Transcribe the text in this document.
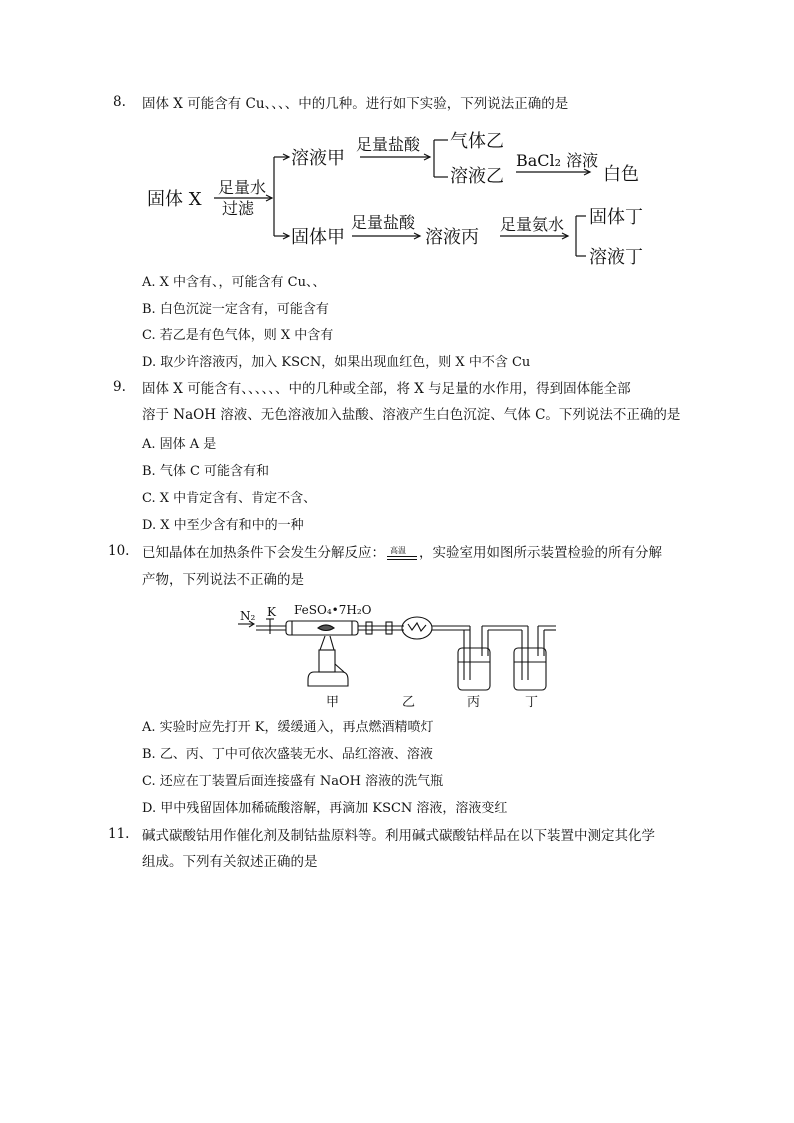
8. 固体 X 可能含有 Cu、、、、中的几种。进行如下实验，下列说法正确的是
固体 X
足量水
过滤
溶液甲
固体甲
足量盐酸 气体乙
溶液乙
BaCl₂ 溶液
白色
足量盐酸
溶液丙
足量氨水 固体丁
溶液丁
A. X 中含有、，可能含有 Cu、、
B. 白色沉淀一定含有，可能含有
C. 若乙是有色气体，则 X 中含有
D. 取少许溶液丙，加入 KSCN，如果出现血红色，则 X 中不含 Cu
9. 固体 X 可能含有、、、、、、中的几种或全部，将 X 与足量的水作用，得到固体能全部
溶于 NaOH 溶液、无色溶液加入盐酸、溶液产生白色沉淀、气体 C。下列说法不正确的是
A. 固体 A 是
B. 气体 C 可能含有和
C. X 中肯定含有、肯定不含、
D. X 中至少含有和中的一种
10. 已知晶体在加热条件下会发生分解反应： 高温 ，实验室用如图所示装置检验的所有分解
产物，下列说法不正确的是
N₂ K FeSO₄•7H₂O
甲	乙	丙	丁
A. 实验时应先打开 K，缓缓通入，再点燃酒精喷灯
B. 乙、丙、丁中可依次盛装无水、品红溶液、溶液
C. 还应在丁装置后面连接盛有 NaOH 溶液的洗气瓶
D. 甲中残留固体加稀硫酸溶解，再滴加 KSCN 溶液，溶液变红
11. 碱式碳酸钴用作催化剂及制钴盐原料等。利用碱式碳酸钴样品在以下装置中测定其化学
组成。下列有关叙述正确的是
